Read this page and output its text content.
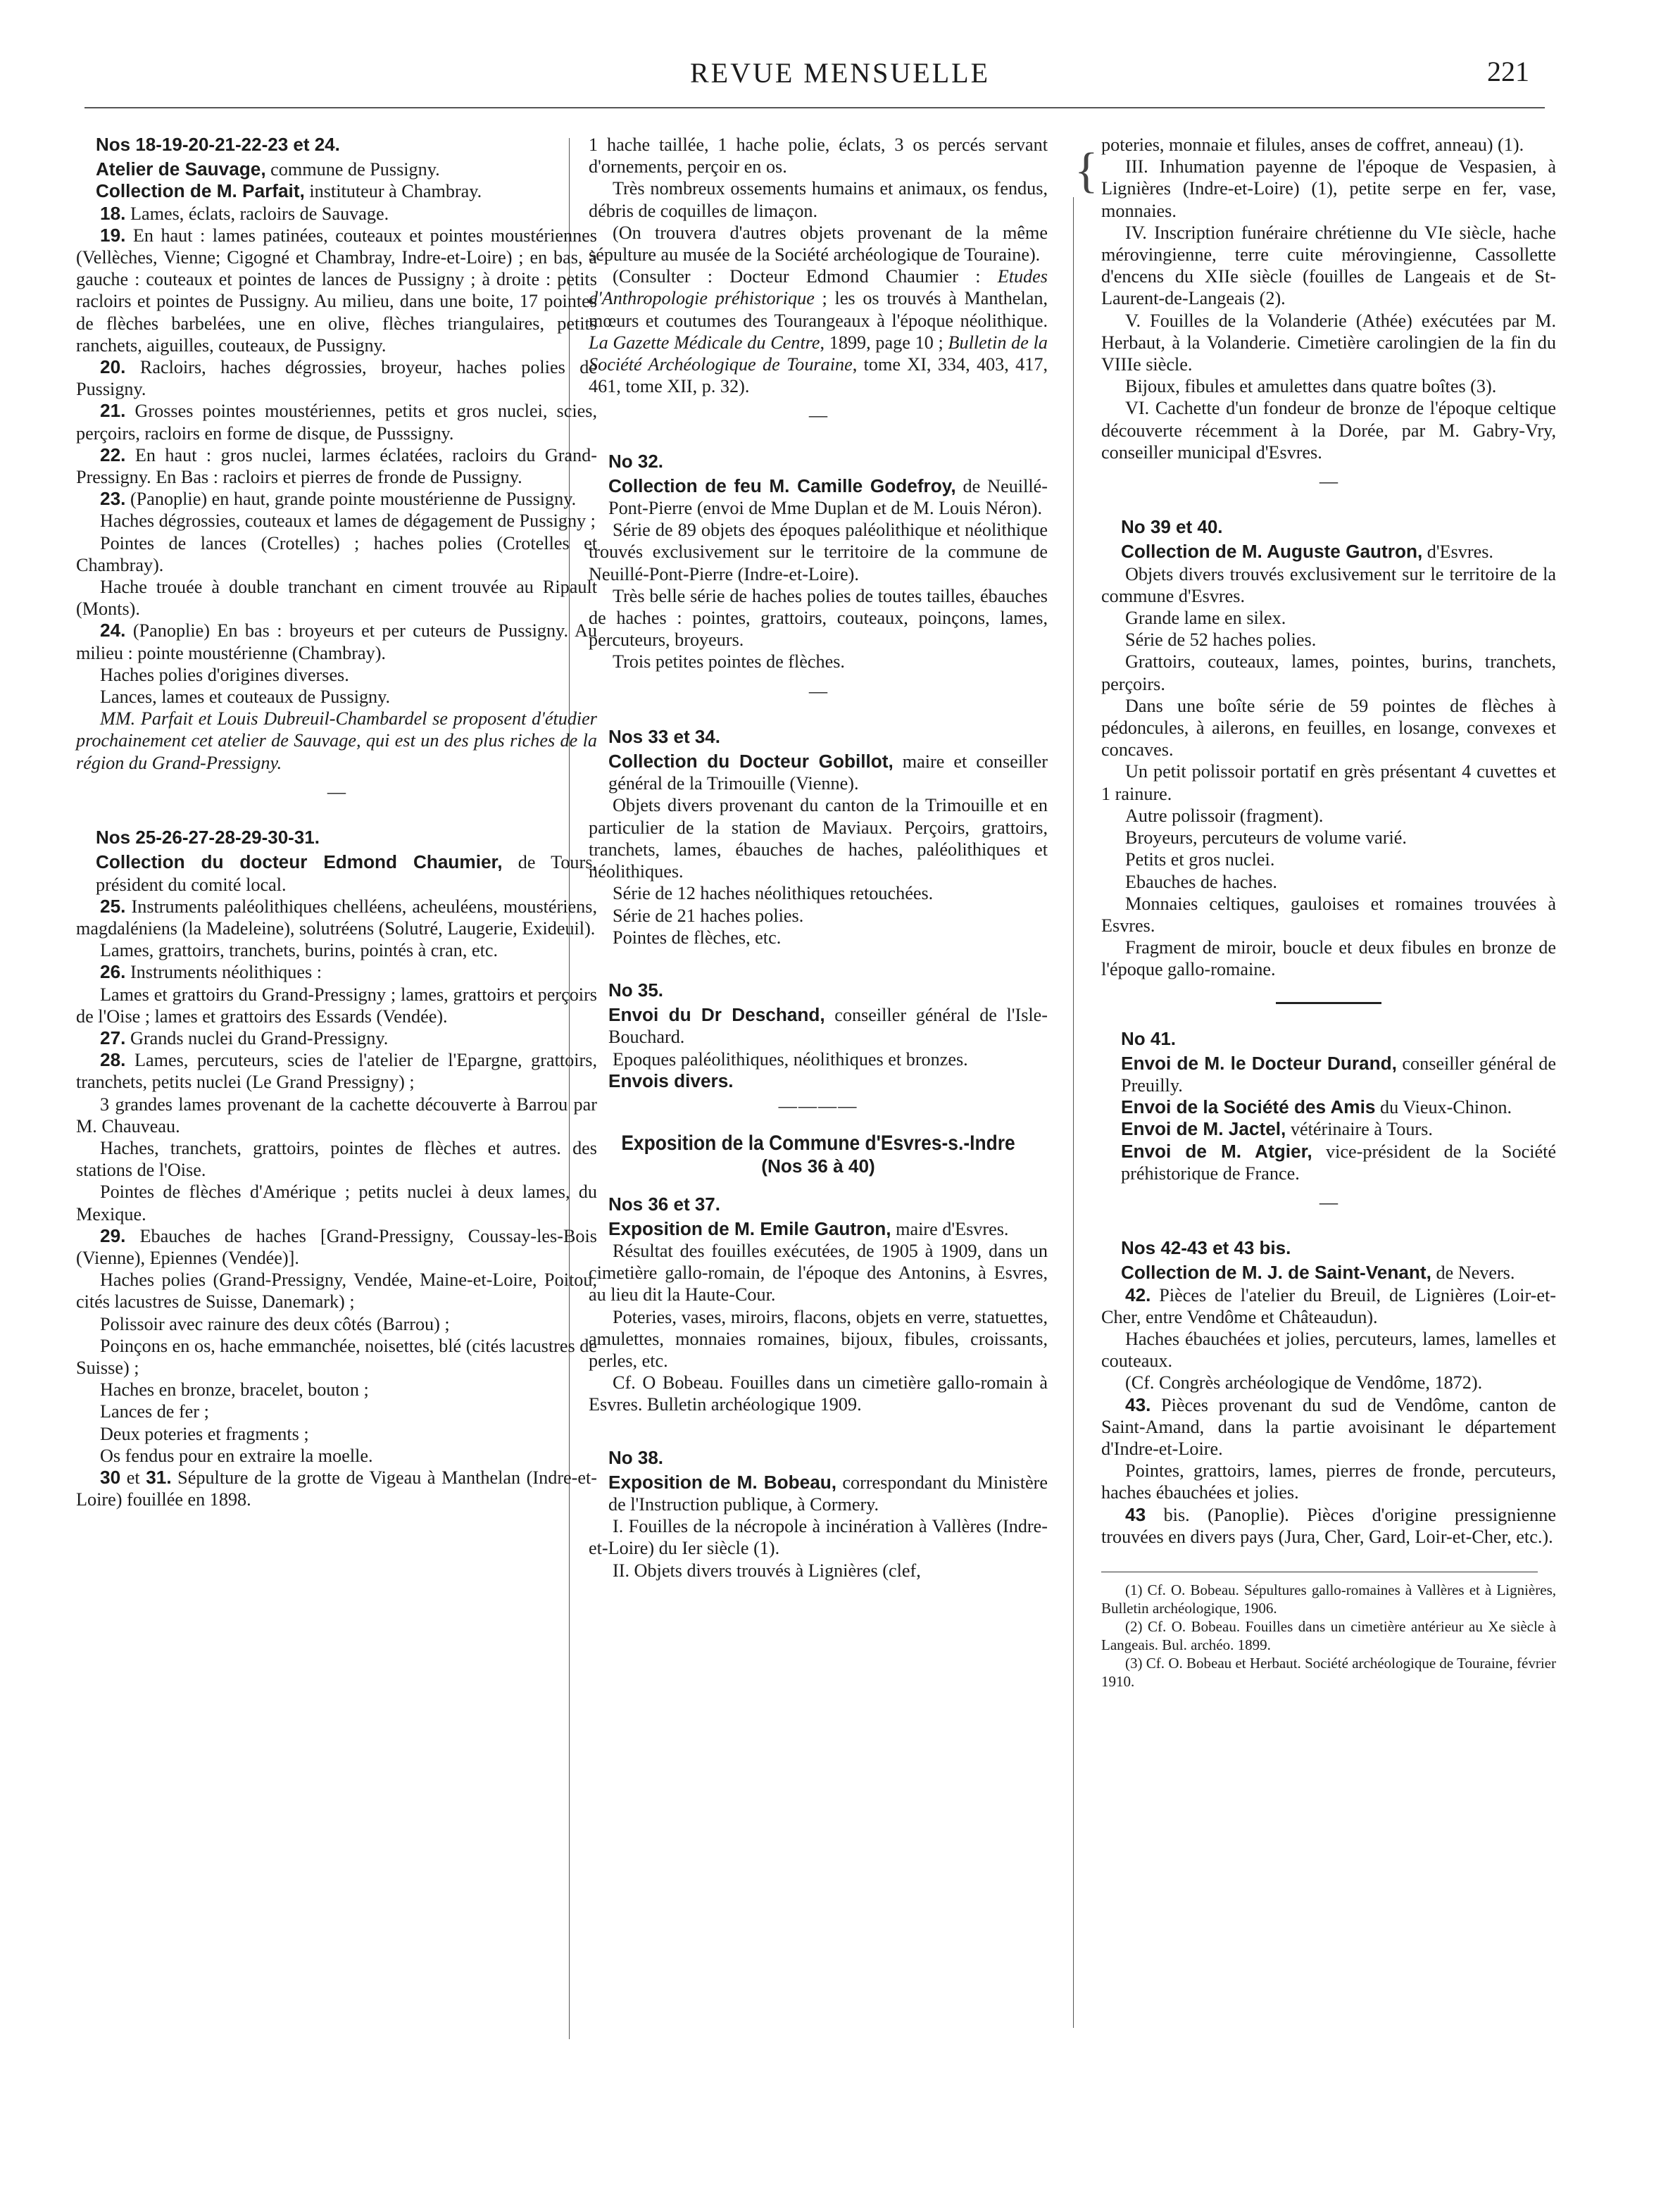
REVUE MENSUELLE	221
{
Nos 18-19-20-21-22-23 et 24.

Atelier de Sauvage, commune de Pussigny.

Collection de M. Parfait, instituteur à Chambray.

18. Lames, éclats, racloirs de Sauvage.

19. En haut : lames patinées, couteaux et pointes moustériennes (Vellèches, Vienne; Cigogné et Chambray, Indre-et-Loire) ; en bas, à gauche : couteaux et pointes de lances de Pussigny ; à droite : petits racloirs et pointes de Pussigny. Au milieu, dans une boite, 17 pointes de flèches barbelées, une en olive, flèches triangulaires, petits ranchets, aiguilles, couteaux, de Pussigny.

20. Racloirs, haches dégrossies, broyeur, haches polies de Pussigny.

21. Grosses pointes moustériennes, petits et gros nuclei, scies, perçoirs, racloirs en forme de disque, de Pusssigny.

22. En haut : gros nuclei, larmes éclatées, racloirs du Grand-Pressigny. En Bas : racloirs et pierres de fronde de Pussigny.

23. (Panoplie) en haut, grande pointe moustérienne de Pussigny.

Haches dégrossies, couteaux et lames de dégagement de Pussigny ;

Pointes de lances (Crotelles) ; haches polies (Crotelles et Chambray).

Hache trouée à double tranchant en ciment trouvée au Ripault (Monts).

24. (Panoplie) En bas : broyeurs et per cuteurs de Pussigny. Au milieu : pointe moustérienne (Chambray).

Haches polies d'origines diverses.

Lances, lames et couteaux de Pussigny.

MM. Parfait et Louis Dubreuil-Chambardel se proposent d'étudier prochainement cet atelier de Sauvage, qui est un des plus riches de la région du Grand-Pressigny.

—
Nos 25-26-27-28-29-30-31.

Collection du docteur Edmond Chaumier, de Tours, président du comité local.

25. Instruments paléolithiques chelléens, acheuléens, moustériens, magdaléniens (la Madeleine), solutréens (Solutré, Laugerie, Exideuil).

Lames, grattoirs, tranchets, burins, pointés à cran, etc.

26. Instruments néolithiques :

Lames et grattoirs du Grand-Pressigny ; lames, grattoirs et perçoirs de l'Oise ; lames et grattoirs des Essards (Vendée).

27. Grands nuclei du Grand-Pressigny.

28. Lames, percuteurs, scies de l'atelier de l'Epargne, grattoirs, tranchets, petits nuclei (Le Grand Pressigny) ;

3 grandes lames provenant de la cachette découverte à Barrou par M. Chauveau.

Haches, tranchets, grattoirs, pointes de flèches et autres. des stations de l'Oise.

Pointes de flèches d'Amérique ; petits nuclei à deux lames, du Mexique.

29. Ebauches de haches [Grand-Pressigny, Coussay-les-Bois (Vienne), Epiennes (Vendée)].

Haches polies (Grand-Pressigny, Vendée, Maine-et-Loire, Poitou, cités lacustres de Suisse, Danemark) ;

Polissoir avec rainure des deux côtés (Barrou) ;

Poinçons en os, hache emmanchée, noisettes, blé (cités lacustres de Suisse) ;

Haches en bronze, bracelet, bouton ;

Lances de fer ;

Deux poteries et fragments ;

Os fendus pour en extraire la moelle.

30 et 31. Sépulture de la grotte de Vigeau à Manthelan (Indre-et-Loire) fouillée en 1898.

1 hache taillée, 1 hache polie, éclats, 3 os percés servant d'ornements, perçoir en os.

Très nombreux ossements humains et animaux, os fendus, débris de coquilles de limaçon.

(On trouvera d'autres objets provenant de la même sépulture au musée de la Société archéologique de Touraine).

(Consulter : Docteur Edmond Chaumier : Etudes d'Anthropologie préhistorique ; les os trouvés à Manthelan, mœurs et coutumes des Tourangeaux à l'époque néolithique. La Gazette Médicale du Centre, 1899, page 10 ; Bulletin de la Société Archéologique de Touraine, tome XI, 334, 403, 417, 461, tome XII, p. 32).

—
No 32.

Collection de feu M. Camille Godefroy, de Neuillé-Pont-Pierre (envoi de Mme Duplan et de M. Louis Néron).

Série de 89 objets des époques paléolithique et néolithique trouvés exclusivement sur le territoire de la commune de Neuillé-Pont-Pierre (Indre-et-Loire).

Très belle série de haches polies de toutes tailles, ébauches de haches : pointes, grattoirs, couteaux, poinçons, lames, percuteurs, broyeurs.

Trois petites pointes de flèches.

—
Nos 33 et 34.

Collection du Docteur Gobillot, maire et conseiller général de la Trimouille (Vienne).

Objets divers provenant du canton de la Trimouille et en particulier de la station de Maviaux. Perçoirs, grattoirs, tranchets, lames, ébauches de haches, paléolithiques et néolithiques.

Série de 12 haches néolithiques retouchées.

Série de 21 haches polies.

Pointes de flèches, etc.

No 35.

Envoi du Dr Deschand, conseiller général de l'Isle-Bouchard.

Epoques paléolithiques, néolithiques et bronzes.

Envois divers.

————
Exposition de la Commune d'Esvres-s.-Indre
(Nos 36 à 40)
Nos 36 et 37.

Exposition de M. Emile Gautron, maire d'Esvres.

Résultat des fouilles exécutées, de 1905 à 1909, dans un cimetière gallo-romain, de l'époque des Antonins, à Esvres, au lieu dit la Haute-Cour.

Poteries, vases, miroirs, flacons, objets en verre, statuettes, amulettes, monnaies romaines, bijoux, fibules, croissants, perles, etc.

Cf. O Bobeau. Fouilles dans un cimetière gallo-romain à Esvres. Bulletin archéologique 1909.

No 38.

Exposition de M. Bobeau, correspondant du Ministère de l'Instruction publique, à Cormery.

I. Fouilles de la nécropole à incinération à Vallères (Indre-et-Loire) du Ier siècle (1).

II. Objets divers trouvés à Lignières (clef,

poteries, monnaie et filules, anses de coffret, anneau) (1).

III. Inhumation payenne de l'époque de Vespasien, à Lignières (Indre-et-Loire) (1), petite serpe en fer, vase, monnaies.

IV. Inscription funéraire chrétienne du VIe siècle, hache mérovingienne, terre cuite mérovingienne, Cassollette d'encens du XIIe siècle (fouilles de Langeais et de St-Laurent-de-Langeais (2).

V. Fouilles de la Volanderie (Athée) exécutées par M. Herbaut, à la Volanderie. Cimetière carolingien de la fin du VIIIe siècle.

Bijoux, fibules et amulettes dans quatre boîtes (3).

VI. Cachette d'un fondeur de bronze de l'époque celtique découverte récemment à la Dorée, par M. Gabry-Vry, conseiller municipal d'Esvres.

—
No 39 et 40.

Collection de M. Auguste Gautron, d'Esvres.

Objets divers trouvés exclusivement sur le territoire de la commune d'Esvres.

Grande lame en silex.

Série de 52 haches polies.

Grattoirs, couteaux, lames, pointes, burins, tranchets, perçoirs.

Dans une boîte série de 59 pointes de flèches à pédoncules, à ailerons, en feuilles, en losange, convexes et concaves.

Un petit polissoir portatif en grès présentant 4 cuvettes et 1 rainure.

Autre polissoir (fragment).

Broyeurs, percuteurs de volume varié.

Petits et gros nuclei.

Ebauches de haches.

Monnaies celtiques, gauloises et romaines trouvées à Esvres.

Fragment de miroir, boucle et deux fibules en bronze de l'époque gallo-romaine.

No 41.

Envoi de M. le Docteur Durand, conseiller général de Preuilly.

Envoi de la Société des Amis du Vieux-Chinon.

Envoi de M. Jactel, vétérinaire à Tours.

Envoi de M. Atgier, vice-président de la Société préhistorique de France.

—
Nos 42-43 et 43 bis.

Collection de M. J. de Saint-Venant, de Nevers.

42. Pièces de l'atelier du Breuil, de Lignières (Loir-et-Cher, entre Vendôme et Châteaudun).

Haches ébauchées et jolies, percuteurs, lames, lamelles et couteaux.

(Cf. Congrès archéologique de Vendôme, 1872).

43. Pièces provenant du sud de Vendôme, canton de Saint-Amand, dans la partie avoisinant le département d'Indre-et-Loire.

Pointes, grattoirs, lames, pierres de fronde, percuteurs, haches ébauchées et jolies.

43 bis. (Panoplie). Pièces d'origine pressignienne trouvées en divers pays (Jura, Cher, Gard, Loir-et-Cher, etc.).

(1) Cf. O. Bobeau. Sépultures gallo-romaines à Vallères et à Lignières, Bulletin archéologique, 1906.

(2) Cf. O. Bobeau. Fouilles dans un cimetière antérieur au Xe siècle à Langeais. Bul. archéo. 1899.

(3) Cf. O. Bobeau et Herbaut. Société archéologique de Touraine, février 1910.
